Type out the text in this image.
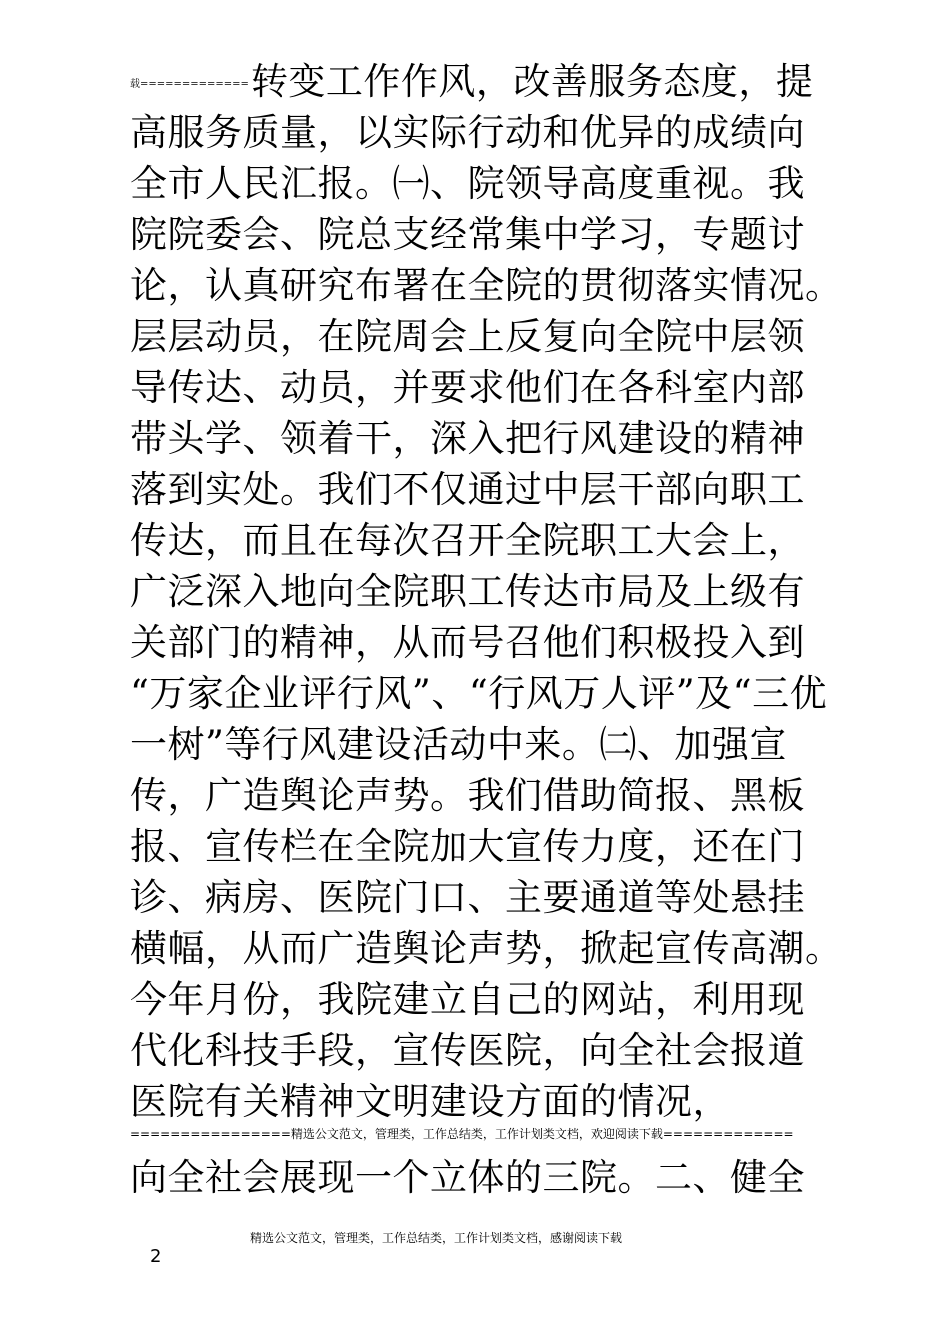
载=============转变工作作风，改善服务态度，提
高服务质量，以实际行动和优异的成绩向
全市人民汇报。㈠、院领导高度重视。我
院院委会、院总支经常集中学习，专题讨
论，认真研究布署在全院的贯彻落实情况。
层层动员，在院周会上反复向全院中层领
导传达、动员，并要求他们在各科室内部
带头学、领着干，深入把行风建设的精神
落到实处。我们不仅通过中层干部向职工
传达，而且在每次召开全院职工大会上，
广泛深入地向全院职工传达市局及上级有
关部门的精神，从而号召他们积极投入到
“万家企业评行风”、“行风万人评”及“三优
一树”等行风建设活动中来。㈡、加强宣
传，广造舆论声势。我们借助简报、黑板
报、宣传栏在全院加大宣传力度，还在门
诊、病房、医院门口、主要通道等处悬挂
横幅，从而广造舆论声势，掀起宣传高潮。
今年月份，我院建立自己的网站，利用现
代化科技手段，宣传医院，向全社会报道
医院有关精神文明建设方面的情况，
================精选公文范文，管理类，工作总结类，工作计划类文档，欢迎阅读下载=============
向全社会展现一个立体的三院。二、健全
2
精选公文范文，管理类，工作总结类，工作计划类文档，感谢阅读下载
